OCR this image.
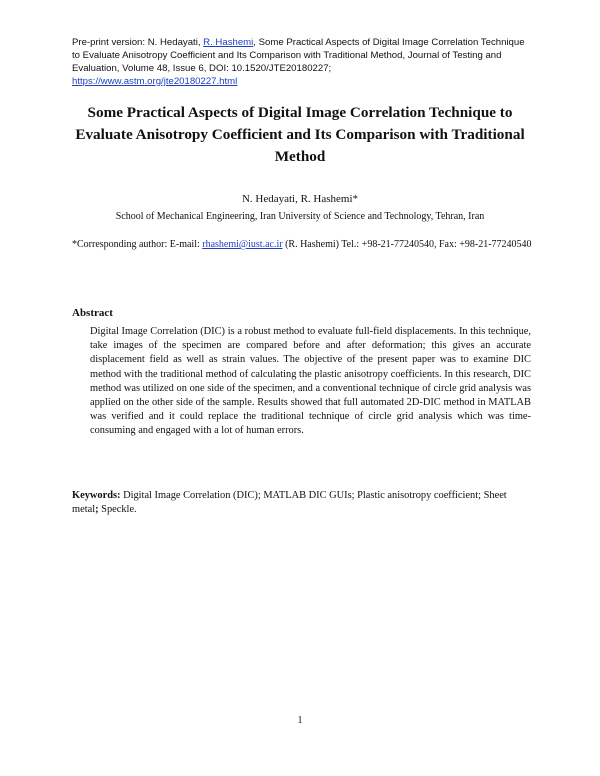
Pre-print version: N. Hedayati, R. Hashemi, Some Practical Aspects of Digital Image Correlation Technique to Evaluate Anisotropy Coefficient and Its Comparison with Traditional Method, Journal of Testing and Evaluation, Volume 48, Issue 6, DOI: 10.1520/JTE20180227;
https://www.astm.org/jte20180227.html
Some Practical Aspects of Digital Image Correlation Technique to Evaluate Anisotropy Coefficient and Its Comparison with Traditional Method
N. Hedayati, R. Hashemi*
School of Mechanical Engineering, Iran University of Science and Technology, Tehran, Iran
*Corresponding author: E-mail: rhashemi@iust.ac.ir (R. Hashemi) Tel.: +98-21-77240540, Fax: +98-21-77240540
Abstract
Digital Image Correlation (DIC) is a robust method to evaluate full-field displacements. In this technique, take images of the specimen are compared before and after deformation; this gives an accurate displacement field as well as strain values. The objective of the present paper was to examine DIC method with the traditional method of calculating the plastic anisotropy coefficients. In this research, DIC method was utilized on one side of the specimen, and a conventional technique of circle grid analysis was applied on the other side of the sample. Results showed that full automated 2D-DIC method in MATLAB was verified and it could replace the traditional technique of circle grid analysis which was time-consuming and engaged with a lot of human errors.
Keywords: Digital Image Correlation (DIC); MATLAB DIC GUIs; Plastic anisotropy coefficient; Sheet metal; Speckle.
1
